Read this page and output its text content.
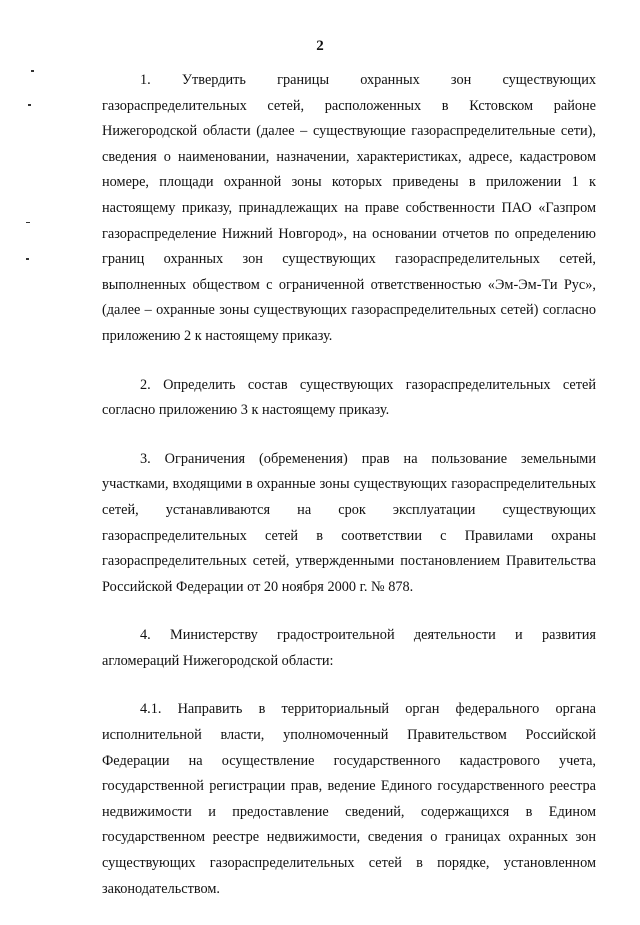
2

1. Утвердить границы охранных зон существующих газораспределительных сетей, расположенных в Кстовском районе Нижегородской области (далее – существующие газораспределительные сети), сведения о наименовании, назначении, характеристиках, адресе, кадастровом номере, площади охранной зоны которых приведены в приложении 1 к настоящему приказу, принадлежащих на праве собственности ПАО «Газпром газораспределение Нижний Новгород», на основании отчетов по определению границ охранных зон существующих газораспределительных сетей, выполненных обществом с ограниченной ответственностью «Эм-Эм-Ти Рус», (далее – охранные зоны существующих газораспределительных сетей) согласно приложению 2 к настоящему приказу.

2. Определить состав существующих газораспределительных сетей согласно приложению 3 к настоящему приказу.

3. Ограничения (обременения) прав на пользование земельными участками, входящими в охранные зоны существующих газораспределительных сетей, устанавливаются на срок эксплуатации существующих газораспределительных сетей в соответствии с Правилами охраны газораспределительных сетей, утвержденными постановлением Правительства Российской Федерации от 20 ноября 2000 г. № 878.

4. Министерству градостроительной деятельности и развития агломераций Нижегородской области:

4.1. Направить в территориальный орган федерального органа исполнительной власти, уполномоченный Правительством Российской Федерации на осуществление государственного кадастрового учета, государственной регистрации прав, ведение Единого государственного реестра недвижимости и предоставление сведений, содержащихся в Едином государственном реестре недвижимости, сведения о границах охранных зон существующих газораспределительных сетей в порядке, установленном законодательством.
